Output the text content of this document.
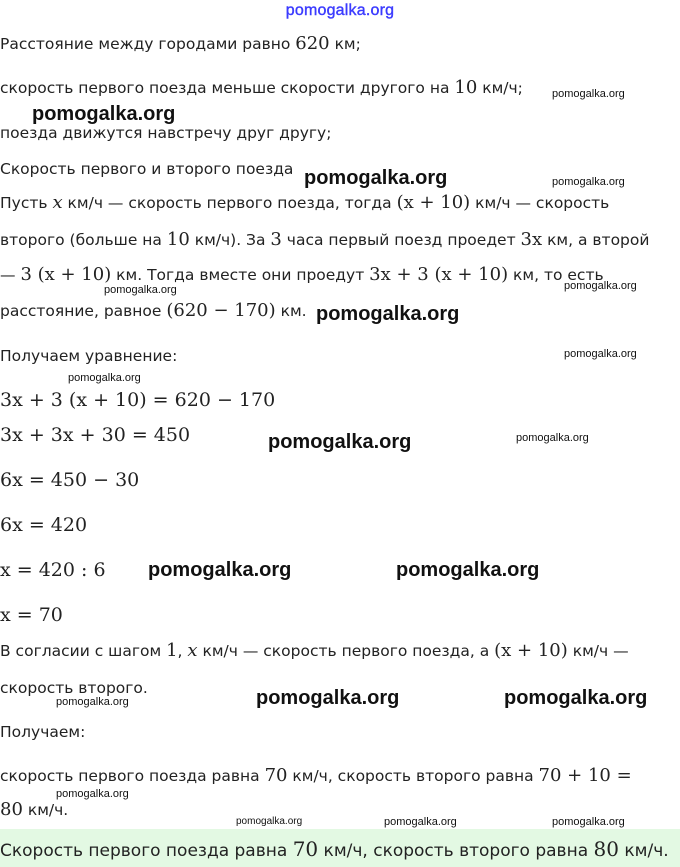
pomogalka.org
Расстояние между городами равно 620 км;
скорость первого поезда меньше скорости другого на 10 км/ч;
поезда движутся навстречу друг другу;
Скорость первого и второго поезда
Пусть x км/ч — скорость первого поезда, тогда (x + 10) км/ч — скорость
второго (больше на 10 км/ч). За 3 часа первый поезд проедет 3x км, а второй
— 3 (x + 10) км. Тогда вместе они проедут 3x + 3 (x + 10) км, то есть
расстояние, равное (620 − 170) км.
Получаем уравнение:
3x + 3 (x + 10) = 620 − 170
3x + 3x + 30 = 450
6x = 450 − 30
6x = 420
x = 420 : 6
x = 70
В согласии с шагом 1, x км/ч — скорость первого поезда, а (x + 10) км/ч —
скорость второго.
Получаем:
скорость первого поезда равна 70 км/ч, скорость второго равна 70 + 10 =
80 км/ч.
Скорость первого поезда равна 70 км/ч, скорость второго равна 80 км/ч.
pomogalka.org
pomogalka.org
pomogalka.org	pomogalka.org
pomogalka.org	pomogalka.org
pomogalka.org
pomogalka.org
pomogalka.org
pomogalka.org	pomogalka.org
pomogalka.org	pomogalka.org
pomogalka.org	pomogalka.org	pomogalka.org
pomogalka.org
pomogalka.org	pomogalka.org	pomogalka.org
